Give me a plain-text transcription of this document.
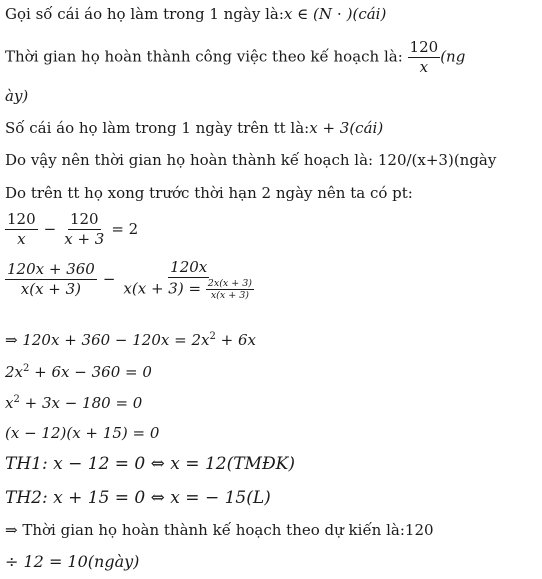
Gọi số cái áo họ làm trong 1 ngày là:x ∈ (N ⋅ )(cái)
Thời gian họ hoàn thành công việc theo kế hoạch là: $\frac{120}{x} (ng$
ày)
Số cái áo họ làm trong 1 ngày trên tt là:x + 3(cái)
Do vậy nên thời gian họ hoàn thành kế hoạch là: 120/(x+3)(ngày
Do trên tt họ xong trước thời hạn 2 ngày nên ta có pt:
$\frac{120}{x} - \frac{120}{x + 3} = 2$
$\frac{120x + 360}{x(x + 3)} - \frac{120x}{x(x + 3) = \frac{2x(x + 3)}{x(x + 3)}}$
⇒ $120x + 360 - 120x = 2x^2 + 6x$
$2x^2 + 6x - 360 = 0$
$x^2 + 3x - 180 = 0$
(x − 12)(x + 15) = 0
TH1: x − 12 = 0 ⇔ x = 12(TMĐK)
TH2: x + 15 = 0 ⇔ x = − 15(L)
⇒ Thời gian họ hoàn thành kế hoạch theo dự kiến là:120
÷ 12 = 10(ngày)
